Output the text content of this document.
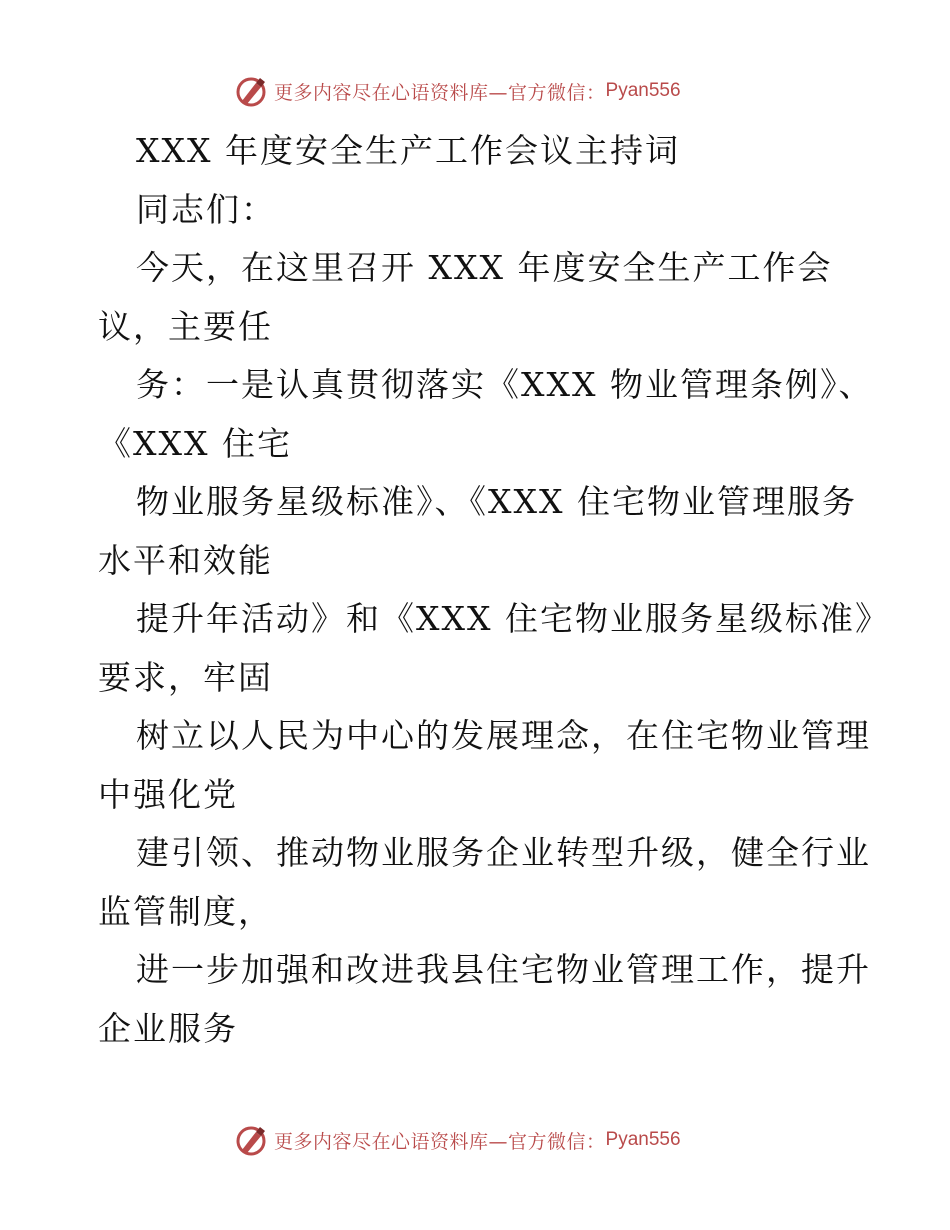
更多内容尽在心语资料库—官方微信： Pyan556

XXX 年度安全生产工作会议主持词

同志们：

今天，在这里召开 XXX 年度安全生产工作会

议，主要任

务：一是认真贯彻落实《XXX 物业管理条例》、

《XXX 住宅

物业服务星级标准》、《XXX 住宅物业管理服务

水平和效能

提升年活动》和《XXX 住宅物业服务星级标准》

要求，牢固

树立以人民为中心的发展理念，在住宅物业管理

中强化党

建引领、推动物业服务企业转型升级，健全行业

监管制度，

进一步加强和改进我县住宅物业管理工作，提升

企业服务

更多内容尽在心语资料库—官方微信： Pyan556
